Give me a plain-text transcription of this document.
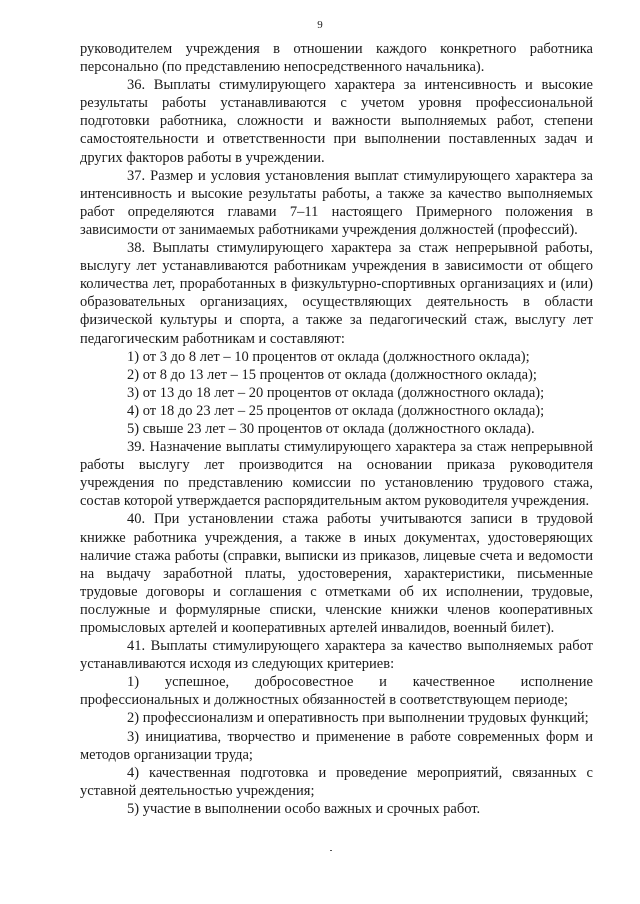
9

руководителем учреждения в отношении каждого конкретного работника персонально (по представлению непосредственного начальника).

36. Выплаты стимулирующего характера за интенсивность и высокие результаты работы устанавливаются с учетом уровня профессиональной подготовки работника, сложности и важности выполняемых работ, степени самостоятельности и ответственности при выполнении поставленных задач и других факторов работы в учреждении.

37. Размер и условия установления выплат стимулирующего характера за интенсивность и высокие результаты работы, а также за качество выполняемых работ определяются главами 7–11 настоящего Примерного положения в зависимости от занимаемых работниками учреждения должностей (профессий).

38. Выплаты стимулирующего характера за стаж непрерывной работы, выслугу лет устанавливаются работникам учреждения в зависимости от общего количества лет, проработанных в физкультурно-спортивных организациях и (или) образовательных организациях, осуществляющих деятельность в области физической культуры и спорта, а также за педагогический стаж, выслугу лет педагогическим работникам и составляют:

1) от 3 до 8 лет – 10 процентов от оклада (должностного оклада);

2) от 8 до 13 лет – 15 процентов от оклада (должностного оклада);

3) от 13 до 18 лет – 20 процентов от оклада (должностного оклада);

4) от 18 до 23 лет – 25 процентов от оклада (должностного оклада);

5) свыше 23 лет – 30 процентов от оклада (должностного оклада).

39. Назначение выплаты стимулирующего характера за стаж непрерывной работы выслугу лет производится на основании приказа руководителя учреждения по представлению комиссии по установлению трудового стажа, состав которой утверждается распорядительным актом руководителя учреждения.

40. При установлении стажа работы учитываются записи в трудовой книжке работника учреждения, а также в иных документах, удостоверяющих наличие стажа работы (справки, выписки из приказов, лицевые счета и ведомости на выдачу заработной платы, удостоверения, характеристики, письменные трудовые договоры и соглашения с отметками об их исполнении, трудовые, послужные и формулярные списки, членские книжки членов кооперативных промысловых артелей и кооперативных артелей инвалидов, военный билет).

41. Выплаты стимулирующего характера за качество выполняемых работ устанавливаются исходя из следующих критериев:

1) успешное, добросовестное и качественное исполнение профессиональных и должностных обязанностей в соответствующем периоде;

2) профессионализм и оперативность при выполнении трудовых функций;

3) инициатива, творчество и применение в работе современных форм и методов организации труда;

4) качественная подготовка и проведение мероприятий, связанных с уставной деятельностью учреждения;

5) участие в выполнении особо важных и срочных работ.
